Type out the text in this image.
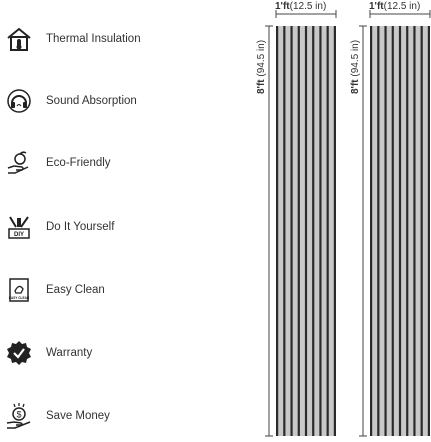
Thermal Insulation
Sound Absorption
Eco-Friendly
DIY
Do It Yourself
EASY CLEAN
Easy Clean
Warranty
$ Save Money
1'ft(12.5 in)
8'ft (94.5 in)
1'ft(12.5 in)
8'ft (94.5 in)
